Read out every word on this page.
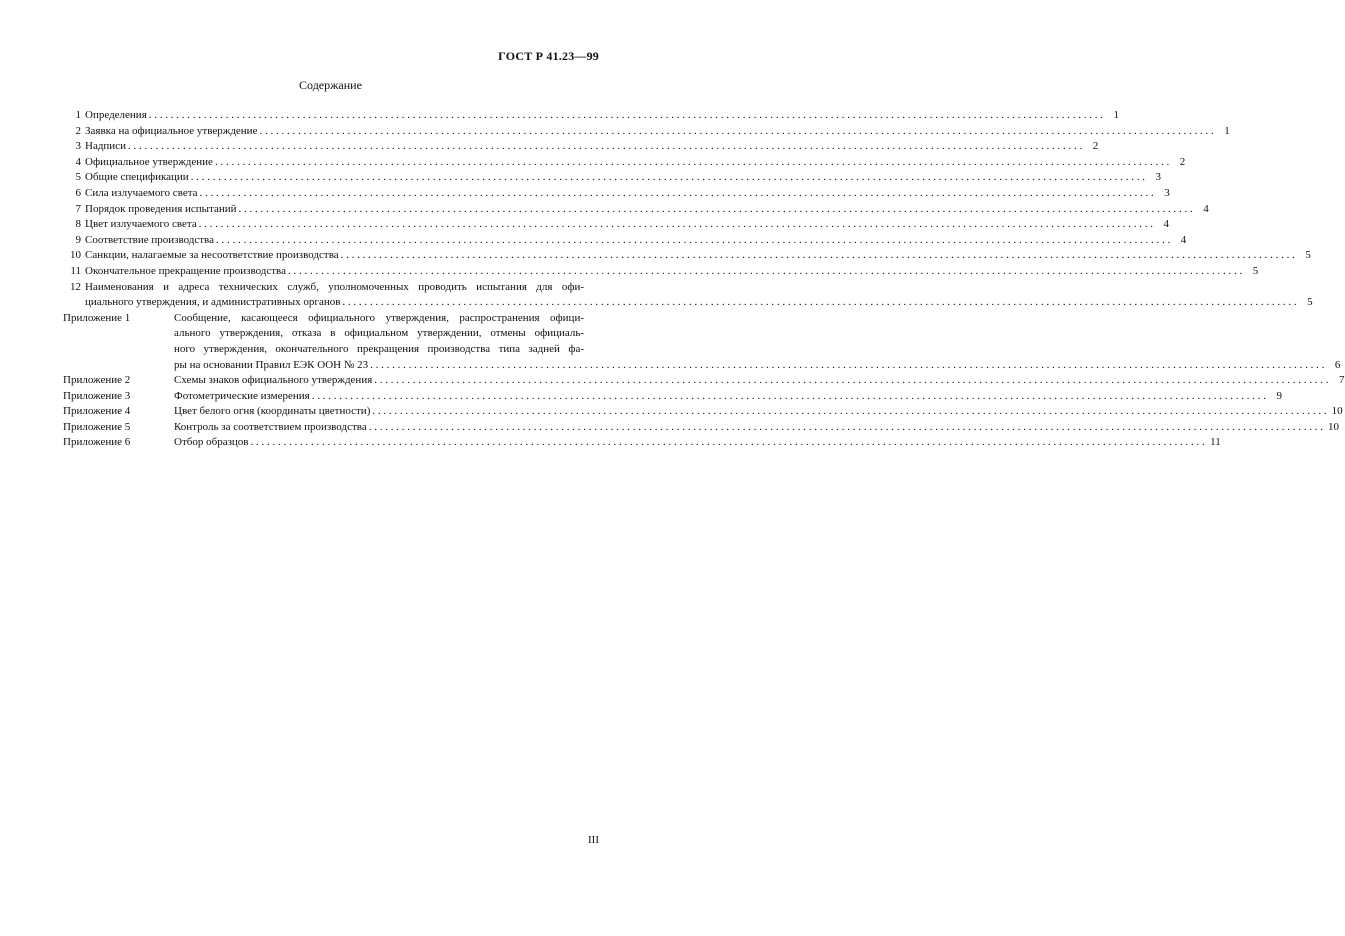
ГОСТ Р 41.23—99
Содержание
1 Определения . . .	1
2 Заявка на официальное утверждение . . .	1
3 Надписи . . .	2
4 Официальное утверждение . . .	2
5 Общие спецификации . . .	3
6 Сила излучаемого света . . .	3
7 Порядок проведения испытаний . . .	4
8 Цвет излучаемого света . . .	4
9 Соответствие производства . . .	4
10 Санкции, налагаемые за несоответствие производства . . .	5
11 Окончательное прекращение производства . . .	5
12 Наименования и адреса технических служб, уполномоченных проводить испытания для офи-
циального утверждения, и административных органов . . .	5
Приложение 1	Сообщение, касающееся официального утверждения, распространения офици-
ального утверждения, отказа в официальном утверждении, отмены официаль-
ного утверждения, окончательного прекращения производства типа задней фа-
ры на основании Правил ЕЭК ООН № 23 . . .	6
Приложение 2	Схемы знаков официального утверждения . . .	7
Приложение 3	Фотометрические измерения . . .	9
Приложение 4	Цвет белого огня (координаты цветности) . . .	10
Приложение 5	Контроль за соответствием производства . . .	10
Приложение 6	Отбор образцов . . .	11
III
